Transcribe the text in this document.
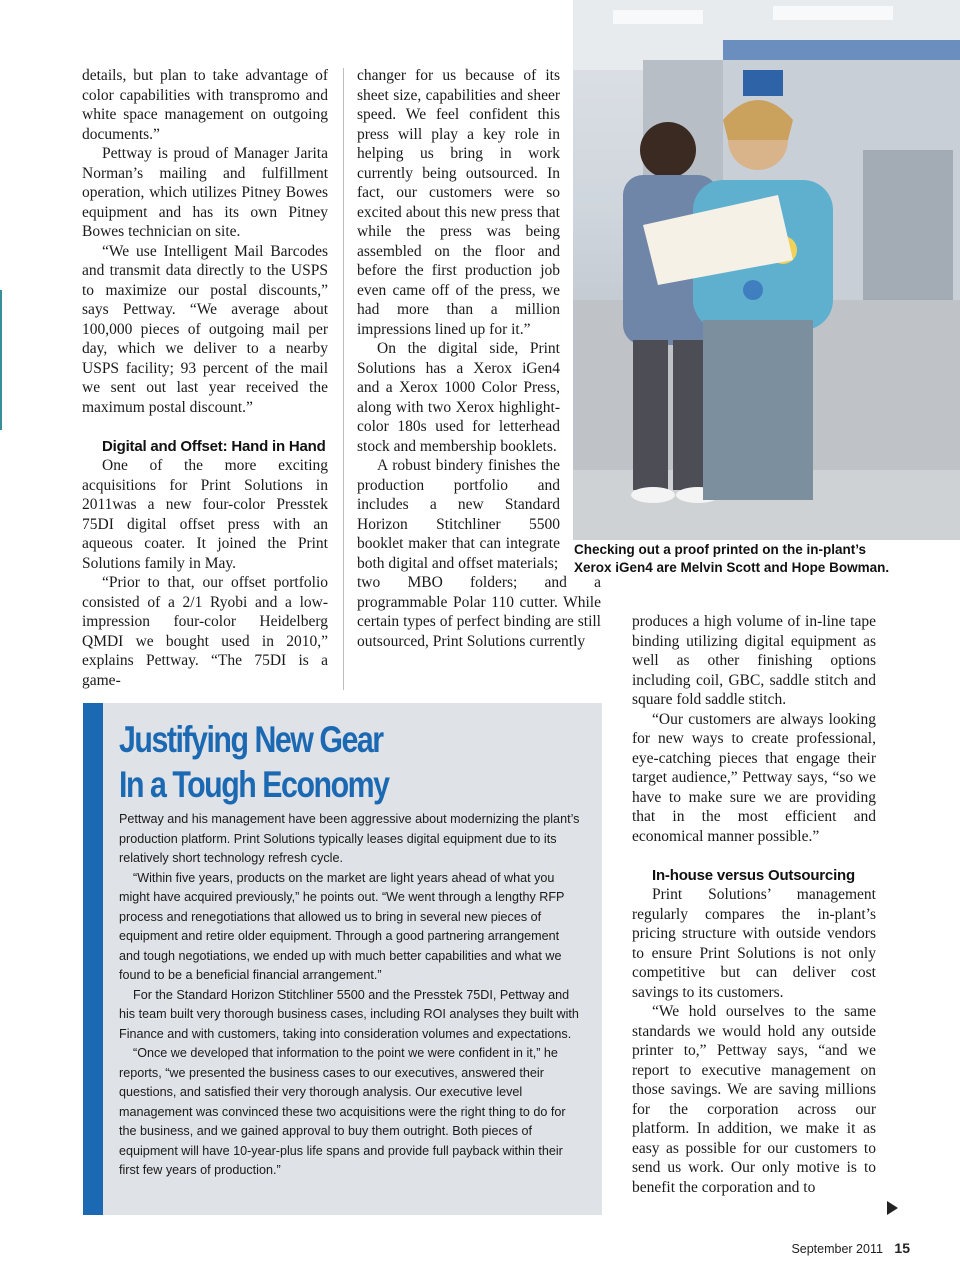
details, but plan to take advantage of color capabilities with transpromo and white space management on outgoing documents.”

Pettway is proud of Manager Jarita Norman’s mailing and fulfillment operation, which utilizes Pitney Bowes equipment and has its own Pitney Bowes technician on site.

“We use Intelligent Mail Barcodes and transmit data directly to the USPS to maximize our postal discounts,” says Pettway. “We average about 100,000 pieces of outgoing mail per day, which we deliver to a nearby USPS facility; 93 percent of the mail we sent out last year received the maximum postal discount.”

Digital and Offset: Hand in Hand

One of the more exciting acquisitions for Print Solutions in 2011was a new four-color Presstek 75DI digital offset press with an aqueous coater. It joined the Print Solutions family in May.

“Prior to that, our offset portfolio consisted of a 2/1 Ryobi and a low-impression four-color Heidelberg QMDI we bought used in 2010,” explains Pettway. “The 75DI is a game-

changer for us because of its sheet size, capabilities and sheer speed. We feel confident this press will play a key role in helping us bring in work currently being outsourced. In fact, our customers were so excited about this new press that while the press was being assembled on the floor and before the first production job even came off of the press, we had more than a million impressions lined up for it.”

On the digital side, Print Solutions has a Xerox iGen4 and a Xerox 1000 Color Press, along with two Xerox highlight-color 180s used for letterhead stock and membership booklets.

A robust bindery finishes the production portfolio and includes a new Standard Horizon Stitchliner 5500 booklet maker that can integrate both digital and offset materials;

two MBO folders; and a programmable Polar 110 cutter. While certain types of perfect binding are still outsourced, Print Solutions currently

Checking out a proof printed on the in-plant’s Xerox iGen4 are Melvin Scott and Hope Bowman.

produces a high volume of in-line tape binding utilizing digital equipment as well as other finishing options including coil, GBC, saddle stitch and square fold saddle stitch.

“Our customers are always looking for new ways to create professional, eye-catching pieces that engage their target audience,” Pettway says, “so we have to make sure we are providing that in the most efficient and economical manner possible.”

In-house versus Outsourcing

Print Solutions’ management regularly compares the in-plant’s pricing structure with outside vendors to ensure Print Solutions is not only competitive but can deliver cost savings to its customers.

“We hold ourselves to the same standards we would hold any outside printer to,” Pettway says, “and we report to executive management on those savings. We are saving millions for the corporation across our platform. In addition, we make it as easy as possible for our customers to send us work. Our only motive is to benefit the corporation and to

Justifying New Gear
In a Tough Economy

Pettway and his management have been aggressive about modernizing the plant’s production platform. Print Solutions typically leases digital equipment due to its relatively short technology refresh cycle.

“Within five years, products on the market are light years ahead of what you might have acquired previously,” he points out. “We went through a lengthy RFP process and renegotiations that allowed us to bring in several new pieces of equipment and retire older equipment. Through a good partnering arrangement and tough negotiations, we ended up with much better capabilities and what we found to be a beneficial financial arrangement.”

For the Standard Horizon Stitchliner 5500 and the Presstek 75DI, Pettway and his team built very thorough business cases, including ROI analyses they built with Finance and with customers, taking into consideration volumes and expectations.

“Once we developed that information to the point we were confident in it,” he reports, “we presented the business cases to our executives, answered their questions, and satisfied their very thorough analysis. Our executive level management was convinced these two acquisitions were the right thing to do for the business, and we gained approval to buy them outright. Both pieces of equipment will have 10-year-plus life spans and provide full payback within their first few years of production.”

September 2011 15
